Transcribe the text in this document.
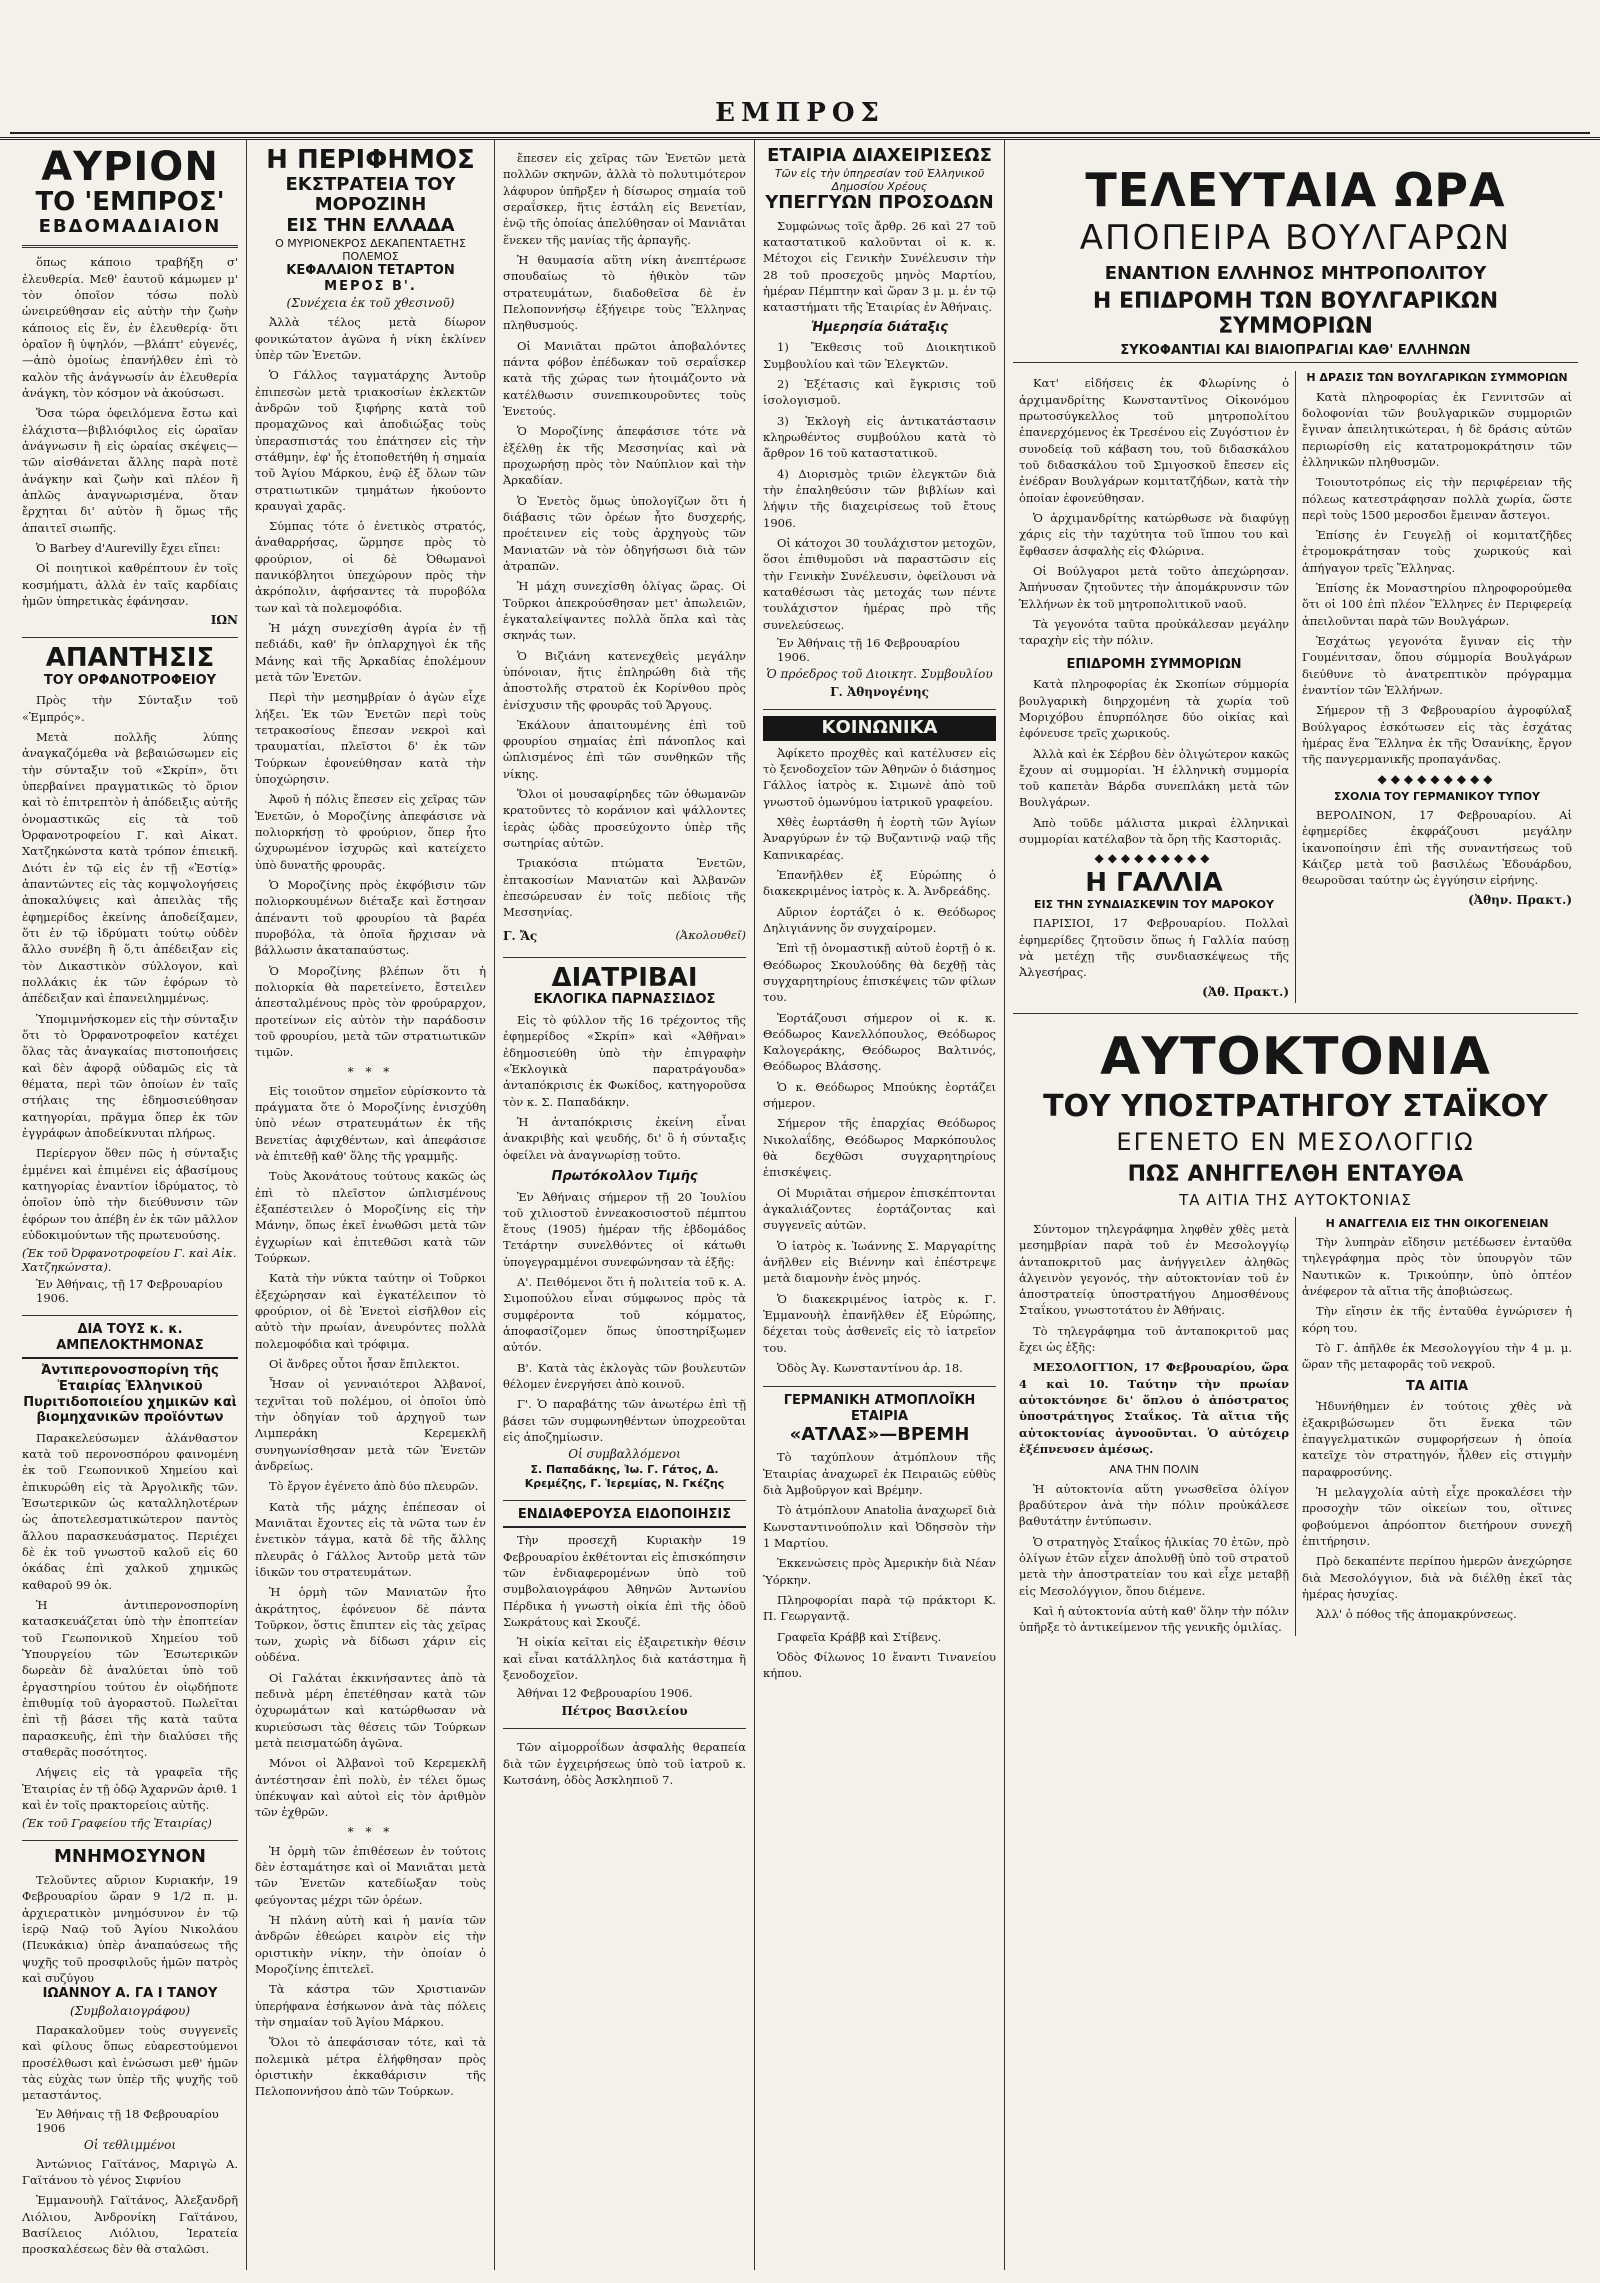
ΕΜΠΡΟΣ
ΑΥΡΙΟΝ
ΤΟ 'ΕΜΠΡΟΣ'
ΕΒΔΟΜΑΔΙΑΙΟΝ

ὅπως κάποιο τραβήξη σ' ἐλευθερία. Μεθ' ἑαυτοῦ κάμωμεν μ' τὸν ὁποῖον τόσω πολὺ ὡνειρεύθησαν εἰς αὐτὴν τὴν ζωὴν κάποιος εἰς ἕν, ἐν ἐλευθερίᾳ· ὅτι ὁραῖον ἢ ὑψηλόν, —βλάπτ' εὐγενές,—ἀπὸ ὁμοίως ἐπανήλθεν ἐπὶ τὸ καλὸν τῆς ἀνάγνωσίν ἀν ἐλευθερία ἀνάγκη, τὸν κόσμον νὰ ἀκούσωσι.

Ὅσα τώρα ὀφειλόμενα ἔστω καὶ ἐλάχιστα—βιβλιόφιλος εἰς ὡραῖαν ἀνάγνωσιν ἢ εἰς ὡραίας σκέψεις—τῶν αἰσθάνεται ἄλλης παρὰ ποτὲ ἀνάγκην καὶ ζωὴν καὶ πλέον ἢ ἁπλῶς ἀναγνωρισμένα, ὅταν ἔρχηται δι' αὐτὸν ἢ ὅμως τῆς ἀπαιτεῖ σιωπῆς.

Ὁ Barbey d'Aurevilly ἔχει εἴπει:

Οἱ ποιητικοὶ καθρέπτουν ἐν τοῖς κοσμήματι, ἀλλὰ ἐν ταῖς καρδίαις ἡμῶν ὑπηρετικὰς ἐφάνησαν.

ΙΩΝ
ΑΠΑΝΤΗΣΙΣ
ΤΟΥ ΟΡΦΑΝΟΤΡΟΦΕΙΟΥ

Πρὸς τὴν Σύνταξιν τοῦ «Ἐμπρός».

Μετὰ πολλῆς λύπης ἀναγκαζόμεθα νὰ βεβαιώσωμεν εἰς τὴν σύνταξιν τοῦ «Σκρίπ», ὅτι ὑπερβαίνει πραγματικῶς τὸ ὅριον καὶ τὸ ἐπιτρεπτὸν ἡ ἀπόδειξις αὐτῆς ὀνομαστικῶς εἰς τὰ τοῦ Ὀρφανοτροφείου Γ. καὶ Αἰκατ. Χατζηκώνστα κατὰ τρόπον ἐπιεικῆ. Διότι ἐν τῷ εἰς ἐν τῇ «Ἑστίᾳ» ἀπαντώντες εἰς τὰς κομψολογήσεις ἀποκαλύψεις καὶ ἀπειλὰς τῆς ἐφημερίδος ἐκείνης ἀποδείξαμεν, ὅτι ἐν τῷ ἱδρύματι τούτῳ οὐδὲν ἄλλο συνέβη ἢ ὅ,τι ἀπέδειξαν εἰς τὸν Δικαστικὸν σύλλογον, καὶ πολλάκις ἐκ τῶν ἐφόρων τὸ ἀπέδειξαν καὶ ἐπανειλημμένως.

Ὑπομιμνήσκομεν εἰς τὴν σύνταξιν ὅτι τὸ Ὀρφανοτροφεῖον κατέχει ὅλας τὰς ἀναγκαίας πιστοποιήσεις καὶ δὲν ἀφορᾷ οὐδαμῶς εἰς τὰ θέματα, περὶ τῶν ὁποίων ἐν ταῖς στήλαις της ἐδημοσιεύθησαν κατηγορίαι, πρᾶγμα ὅπερ ἐκ τῶν ἐγγράφων ἀποδείκνυται πλήρως.

Περίεργον ὅθεν πῶς ἡ σύνταξις ἐμμένει καὶ ἐπιμένει εἰς ἀβασίμους κατηγορίας ἐναντίον ἱδρύματος, τὸ ὁποῖον ὑπὸ τὴν διεύθυνσιν τῶν ἐφόρων του ἀπέβη ἐν ἐκ τῶν μᾶλλον εὐδοκιμούντων τῆς πρωτευούσης.

(Ἐκ τοῦ Ὀρφανοτροφείου Γ. καὶ Αἰκ. Χατζηκώνστα).
Ἐν Ἀθήναις, τῇ 17 Φεβρουαρίου 1906.
ΔΙΑ ΤΟΥΣ κ. κ. ΑΜΠΕΛΟΚΤΗΜΟΝΑΣ
Ἀντιπερονοσπορίνη τῆς Ἑταιρίας Ἑλληνικοῦ Πυριτιδοποιείου χημικῶν καὶ βιομηχανικῶν προϊόντων

Παρακελεύσωμεν ἀλάνθαστον κατὰ τοῦ περονοσπόρου φαινομένη ἐκ τοῦ Γεωπονικοῦ Χημείου καὶ ἐπικυρώθη εἰς τὰ Ἀργολικῆς τῶν. Ἐσωτερικῶν ὡς καταλληλοτέρων ὡς ἀποτελεσματικώτερον παντὸς ἄλλου παρασκευάσματος. Περιέχει δὲ ἐκ τοῦ γνωστοῦ καλοῦ εἰς 60 ὀκάδας ἐπὶ χαλκοῦ χημικῶς καθαροῦ 99 ὀκ.

Ἡ ἀντιπερονοσπορίνη κατασκευάζεται ὑπὸ τὴν ἐποπτείαν τοῦ Γεωπονικοῦ Χημείου τοῦ Ὑπουργείου τῶν Ἐσωτερικῶν δωρεὰν δὲ ἀναλύεται ὑπὸ τοῦ ἐργαστηρίου τούτου ἐν οἱῳδήποτε ἐπιθυμίᾳ τοῦ ἀγοραστοῦ. Πωλεῖται ἐπὶ τῇ βάσει τῆς κατὰ ταῦτα παρασκευῆς, ἐπὶ τὴν διαλύσει τῆς σταθερᾶς ποσότητος.

Λήψεις εἰς τὰ γραφεῖα τῆς Ἑταιρίας ἐν τῇ ὁδῷ Ἀχαρνῶν ἀριθ. 1 καὶ ἐν τοῖς πρακτορείοις αὐτῆς.

(Ἐκ τοῦ Γραφείου τῆς Ἑταιρίας)
ΜΝΗΜΟΣΥΝΟΝ

Τελοῦντες αὔριον Κυριακήν, 19 Φεβρουαρίου ὥραν 9 1/2 π. μ. ἀρχιερατικὸν μνημόσυνον ἐν τῷ ἱερῷ Ναῷ τοῦ Ἁγίου Νικολάου (Πευκάκια) ὑπὲρ ἀναπαύσεως τῆς ψυχῆς τοῦ προσφιλοῦς ἡμῶν πατρὸς καὶ συζύγου

ΙΩΑΝΝΟΥ Α. ΓΑ Ι ΤΑΝΟΥ
(Συμβολαιογράφου)

Παρακαλοῦμεν τοὺς συγγενεῖς καὶ φίλους ὅπως εὐαρεστούμενοι προσέλθωσι καὶ ἑνώσωσι μεθ' ἡμῶν τὰς εὐχὰς των ὑπὲρ τῆς ψυχῆς τοῦ μεταστάντος.

Ἐν Ἀθήναις τῇ 18 Φεβρουαρίου 1906
Οἱ τεθλιμμένοι

Ἀντώνιος Γαϊτάνος, Μαριγὼ Α. Γαϊτάνου τὸ γένος Σιφνίου

Ἐμμανουὴλ Γαϊτάνος, Ἀλεξανδρῆ Λιόλιου, Ἀνδρονίκη Γαϊτάνου, Βασίλειος Λιόλιου, Ἱερατεία προσκαλέσεως δὲν θὰ σταλῶσι.

Η ΠΕΡΙΦΗΜΟΣ
ΕΚΣΤΡΑΤΕΙΑ ΤΟΥ ΜΟΡΟΖΙΝΗ
ΕΙΣ ΤΗΝ ΕΛΛΑΔΑ
Ο ΜΥΡΙΟΝΕΚΡΟΣ ΔΕΚΑΠΕΝΤΑΕΤΗΣ ΠΟΛΕΜΟΣ
ΚΕΦΑΛΑΙΟΝ ΤΕΤΑΡΤΟΝ
ΜΕΡΟΣ Β'.
(Συνέχεια ἐκ τοῦ χθεσινοῦ)

Ἀλλὰ τέλος μετὰ δίωρον φονικώτατον ἀγῶνα ἡ νίκη ἐκλίνεν ὑπὲρ τῶν Ἑνετῶν.

Ὁ Γάλλος ταγματάρχης Ἀντοῦρ ἐπιπεσὼν μετὰ τριακοσίων ἐκλεκτῶν ἀνδρῶν τοῦ ξιφήρης κατὰ τοῦ προμαχῶνος καὶ ἀποδιώξας τοὺς ὑπερασπιστάς του ἐπάτησεν εἰς τὴν στάθμην, ἐφ' ἧς ἐτοποθετήθη ἡ σημαία τοῦ Ἁγίου Μάρκου, ἐνῷ ἐξ ὅλων τῶν στρατιωτικῶν τμημάτων ἠκούοντο κραυγαὶ χαρᾶς.

Σύμπας τότε ὁ ἑνετικὸς στρατός, ἀναθαρρήσας, ὥρμησε πρὸς τὸ φρούριον, οἱ δὲ Ὀθωμανοὶ πανικόβλητοι ὑπεχώρουν πρὸς τὴν ἀκρόπολιν, ἀφήσαντες τὰ πυροβόλα των καὶ τὰ πολεμοφόδια.

Ἡ μάχη συνεχίσθη ἀγρία ἐν τῇ πεδιάδι, καθ' ἣν ὁπλαρχηγοὶ ἐκ τῆς Μάνης καὶ τῆς Ἀρκαδίας ἐπολέμουν μετὰ τῶν Ἑνετῶν.

Περὶ τὴν μεσημβρίαν ὁ ἀγὼν εἶχε λήξει. Ἐκ τῶν Ἑνετῶν περὶ τοὺς τετρακοσίους ἔπεσαν νεκροὶ καὶ τραυματίαι, πλεῖστοι δ' ἐκ τῶν Τούρκων ἐφονεύθησαν κατὰ τὴν ὑποχώρησιν.

Ἀφοῦ ἡ πόλις ἔπεσεν εἰς χεῖρας τῶν Ἑνετῶν, ὁ Μοροζίνης ἀπεφάσισε νὰ πολιορκήσῃ τὸ φρούριον, ὅπερ ἦτο ὠχυρωμένον ἰσχυρῶς καὶ κατείχετο ὑπὸ δυνατῆς φρουρᾶς.

Ὁ Μοροζίνης πρὸς ἐκφόβισιν τῶν πολιορκουμένων διέταξε καὶ ἔστησαν ἀπέναντι τοῦ φρουρίου τὰ βαρέα πυροβόλα, τὰ ὁποῖα ἤρχισαν νὰ βάλλωσιν ἀκαταπαύστως.

Ὁ Μοροζίνης βλέπων ὅτι ἡ πολιορκία θὰ παρετείνετο, ἔστειλεν ἀπεσταλμένους πρὸς τὸν φρούραρχον, προτείνων εἰς αὐτὸν τὴν παράδοσιν τοῦ φρουρίου, μετὰ τῶν στρατιωτικῶν τιμῶν.

* * *

Εἰς τοιοῦτον σημεῖον εὑρίσκοντο τὰ πράγματα ὅτε ὁ Μοροζίνης ἐνισχύθη ὑπὸ νέων στρατευμάτων ἐκ τῆς Βενετίας ἀφιχθέντων, καὶ ἀπεφάσισε νὰ ἐπιτεθῇ καθ' ὅλης τῆς γραμμῆς.

Τοὺς Ἀκονάτους τούτους κακῶς ὡς ἐπὶ τὸ πλεῖστον ὠπλισμένους ἐξαπέστειλεν ὁ Μοροζίνης εἰς τὴν Μάνην, ὅπως ἐκεῖ ἑνωθῶσι μετὰ τῶν ἐγχωρίων καὶ ἐπιτεθῶσι κατὰ τῶν Τούρκων.

Κατὰ τὴν νύκτα ταύτην οἱ Τοῦρκοι ἐξεχώρησαν καὶ ἐγκατέλειπον τὸ φρούριον, οἱ δὲ Ἑνετοὶ εἰσῆλθον εἰς αὐτὸ τὴν πρωίαν, ἀνευρόντες πολλὰ πολεμοφόδια καὶ τρόφιμα.

Οἱ ἄνδρες οὗτοι ἦσαν ἔπιλεκτοι.

Ἦσαν οἱ γενναιότεροι Ἀλβανοί, τεχνῖται τοῦ πολέμου, οἱ ὁποῖοι ὑπὸ τὴν ὁδηγίαν τοῦ ἀρχηγοῦ των Λιμπεράκη Κερεμεκλῆ συνηγωνίσθησαν μετὰ τῶν Ἑνετῶν ἀνδρείως.

Τὸ ἔργον ἐγένετο ἀπὸ δύο πλευρῶν.

Κατὰ τῆς μάχης ἐπέπεσαν οἱ Μανιᾶται ἔχοντες εἰς τὰ νῶτα των ἐν ἑνετικὸν τάγμα, κατὰ δὲ τῆς ἄλλης πλευρᾶς ὁ Γάλλος Ἀντοῦρ μετὰ τῶν ἰδικῶν του στρατευμάτων.

Ἡ ὁρμὴ τῶν Μανιατῶν ἦτο ἀκράτητος, ἐφόνευον δὲ πάντα Τοῦρκον, ὅστις ἔπιπτεν εἰς τὰς χεῖρας των, χωρὶς νὰ δίδωσι χάριν εἰς οὐδένα.

Οἱ Γαλάται ἐκκινήσαντες ἀπὸ τὰ πεδινὰ μέρη ἐπετέθησαν κατὰ τῶν ὀχυρωμάτων καὶ κατώρθωσαν νὰ κυριεύσωσι τὰς θέσεις τῶν Τούρκων μετὰ πεισματώδη ἀγῶνα.

Μόνοι οἱ Ἀλβανοὶ τοῦ Κερεμεκλῆ ἀντέστησαν ἐπὶ πολὺ, ἐν τέλει ὅμως ὑπέκυψαν καὶ αὐτοὶ εἰς τὸν ἀριθμὸν τῶν ἐχθρῶν.

* * *

Ἡ ὁρμὴ τῶν ἐπιθέσεων ἐν τούτοις δὲν ἐσταμάτησε καὶ οἱ Μανιᾶται μετὰ τῶν Ἑνετῶν κατεδίωξαν τοὺς φεύγοντας μέχρι τῶν ὀρέων.

Ἡ πλάνη αὐτὴ καὶ ἡ μανία τῶν ἀνδρῶν ἐθεώρει καιρὸν εἰς τὴν οριστικὴν νίκην, τὴν ὁποίαν ὁ Μοροζίνης ἐπιτελεῖ.

Τὰ κάστρα τῶν Χριστιανῶν ὑπερήφανα ἐσήκωνον ἀνὰ τὰς πόλεις τὴν σημαίαν τοῦ Ἁγίου Μάρκου.

Ὅλοι τὸ ἀπεφάσισαν τότε, καὶ τὰ πολεμικὰ μέτρα ἐλήφθησαν πρὸς ὁριστικὴν ἐκκαθάρισιν τῆς Πελοποννήσου ἀπὸ τῶν Τούρκων.

ἔπεσεν εἰς χεῖρας τῶν Ἑνετῶν μετὰ πολλῶν σκηνῶν, ἀλλὰ τὸ πολυτιμότερον λάφυρον ὑπῆρξεν ἡ δίσωρος σημαία τοῦ σεραΐσκερ, ἥτις ἐστάλη εἰς Βενετίαν, ἐνῷ τῆς ὁποίας ἀπελύθησαν οἱ Μανιᾶται ἕνεκεν τῆς μανίας τῆς ἁρπαγῆς.

Ἡ θαυμασία αὕτη νίκη ἀνεπτέρωσε σπουδαίως τὸ ἠθικὸν τῶν στρατευμάτων, διαδοθεῖσα δὲ ἐν Πελοποννήσῳ ἐξήγειρε τοὺς Ἕλληνας πληθυσμούς.

Οἱ Μανιᾶται πρῶτοι ἀποβαλόντες πάντα φόβον ἐπέδωκαν τοῦ σεραΐσκερ κατὰ τῆς χώρας των ἡτοιμάζοντο νὰ κατέλθωσιν συνεπικουροῦντες τοὺς Ἑνετούς.

Ὁ Μοροζίνης ἀπεφάσισε τότε νὰ ἐξέλθῃ ἐκ τῆς Μεσσηνίας καὶ νὰ προχωρήσῃ πρὸς τὸν Ναύπλιον καὶ τὴν Ἀρκαδίαν.

Ὁ Ἑνετὸς ὅμως ὑπολογίζων ὅτι ἡ διάβασις τῶν ὀρέων ἦτο δυσχερής, προέτεινεν εἰς τοὺς ἀρχηγοὺς τῶν Μανιατῶν νὰ τὸν ὁδηγήσωσι διὰ τῶν ἀτραπῶν.

Ἡ μάχη συνεχίσθη ὀλίγας ὥρας. Οἱ Τοῦρκοι ἀπεκρούσθησαν μετ' ἀπωλειῶν, ἐγκαταλείψαντες πολλὰ ὅπλα καὶ τὰς σκηνάς των.

Ὁ Βιζιάνη κατενεχθεὶς μεγάλην ὑπόνοιαν, ἥτις ἐπληρώθη διὰ τῆς ἀποστολῆς στρατοῦ ἐκ Κορίνθου πρὸς ἐνίσχυσιν τῆς φρουρᾶς τοῦ Ἄργους.

Ἐκάλουν ἀπαιτουμένης ἐπὶ τοῦ φρουρίου σημαίας ἐπὶ πάνοπλος καὶ ὡπλισμένος ἐπὶ τῶν συνθηκῶν τῆς νίκης.

Ὅλοι οἱ μουσαφίρηδες τῶν ὀθωμανῶν κρατοῦντες τὸ κοράνιον καὶ ψάλλοντες ἱερὰς ᾠδὰς προσεύχοντο ὑπὲρ τῆς σωτηρίας αὐτῶν.

Τριακόσια πτώματα Ἑνετῶν, ἐπτακοσίων Μανιατῶν καὶ Ἀλβανῶν ἐπεσώρευσαν ἐν τοῖς πεδίοις τῆς Μεσσηνίας.

Γ. Ἄς	(Ἀκολουθεῖ)
ΔΙΑΤΡΙΒΑΙ
ΕΚΛΟΓΙΚΑ ΠΑΡΝΑΣΣΙΔΟΣ

Εἰς τὸ φύλλον τῆς 16 τρέχοντος τῆς ἐφημερίδος «Σκρίπ» καὶ «Ἀθῆναι» ἐδημοσιεύθη ὑπὸ τὴν ἐπιγραφὴν «Ἐκλογικὰ παρατράγουδα» ἀνταπόκρισις ἐκ Φωκίδος, κατηγοροῦσα τὸν κ. Σ. Παπαδάκην.

Ἡ ἀνταπόκρισις ἐκείνη εἶναι ἀνακριβὴς καὶ ψευδής, δι' ὃ ἡ σύνταξις ὀφείλει νὰ ἀναγνωρίσῃ τοῦτο.

Πρωτόκολλον Τιμῆς

Ἐν Ἀθήναις σήμερον τῇ 20 Ἰουλίου τοῦ χιλιοστοῦ ἐννεακοσιοστοῦ πέμπτου ἔτους (1905) ἡμέραν τῆς ἑβδομάδος Τετάρτην συνελθόντες οἱ κάτωθι ὑπογεγραμμένοι συνεφώνησαν τὰ ἑξῆς:

Α'. Πειθόμενοι ὅτι ἡ πολιτεία τοῦ κ. Α. Σιμοπούλου εἶναι σύμφωνος πρὸς τὰ συμφέροντα τοῦ κόμματος, ἀποφασίζομεν ὅπως ὑποστηρίξωμεν αὐτόν.

Β'. Κατὰ τὰς ἐκλογὰς τῶν βουλευτῶν θέλομεν ἐνεργήσει ἀπὸ κοινοῦ.

Γ'. Ὁ παραβάτης τῶν ἀνωτέρω ἐπὶ τῇ βάσει τῶν συμφωνηθέντων ὑποχρεοῦται εἰς ἀποζημίωσιν.

Οἱ συμβαλλόμενοι
Σ. Παπαδάκης, Ἰω. Γ. Γάτος, Δ. Κρεμέζης, Γ. Ἱερεμίας, Ν. Γκέζης
ΕΝΔΙΑΦΕΡΟΥΣΑ ΕΙΔΟΠΟΙΗΣΙΣ

Τὴν προσεχῆ Κυριακὴν 19 Φεβρουαρίου ἐκθέτονται εἰς ἐπισκόπησιν τῶν ἐνδιαφερομένων ὑπὸ τοῦ συμβολαιογράφου Ἀθηνῶν Ἀντωνίου Πέρδικα ἡ γνωστὴ οἰκία ἐπὶ τῆς ὁδοῦ Σωκράτους καὶ Σκουζέ.

Ἡ οἰκία κεῖται εἰς ἐξαιρετικὴν θέσιν καὶ εἶναι κατάλληλος διὰ κατάστημα ἢ ξενοδοχεῖον.

Ἀθήναι 12 Φεβρουαρίου 1906.
Πέτρος Βασιλείου

Τῶν αἱμορροΐδων ἀσφαλὴς θεραπεία διὰ τῶν ἐγχειρήσεως ὑπὸ τοῦ ἰατροῦ κ. Κωτσάνη, ὁδὸς Ἀσκληπιοῦ 7.

ΕΤΑΙΡΙΑ ΔΙΑΧΕΙΡΙΣΕΩΣ
Τῶν εἰς τὴν ὑπηρεσίαν τοῦ Ἑλληνικοῦ Δημοσίου Χρέους
ΥΠΕΓΓΥΩΝ ΠΡΟΣΟΔΩΝ

Συμφώνως τοῖς ἄρθρ. 26 καὶ 27 τοῦ καταστατικοῦ καλοῦνται οἱ κ. κ. Μέτοχοι εἰς Γενικὴν Συνέλευσιν τὴν 28 τοῦ προσεχοῦς μηνὸς Μαρτίου, ἡμέραν Πέμπτην καὶ ὥραν 3 μ. μ. ἐν τῷ καταστήματι τῆς Ἑταιρίας ἐν Ἀθήναις.

Ἡμερησία διάταξις

1) Ἔκθεσις τοῦ Διοικητικοῦ Συμβουλίου καὶ τῶν Ἐλεγκτῶν.

2) Ἐξέτασις καὶ ἔγκρισις τοῦ ἰσολογισμοῦ.

3) Ἐκλογὴ εἰς ἀντικατάστασιν κληρωθέντος συμβούλου κατὰ τὸ ἄρθρον 16 τοῦ καταστατικοῦ.

4) Διορισμὸς τριῶν ἐλεγκτῶν διὰ τὴν ἐπαληθεύσιν τῶν βιβλίων καὶ λήψιν τῆς διαχειρίσεως τοῦ ἔτους 1906.

Οἱ κάτοχοι 30 τουλάχιστον μετοχῶν, ὅσοι ἐπιθυμοῦσι νὰ παραστῶσιν εἰς τὴν Γενικὴν Συνέλευσιν, ὀφείλουσι νὰ καταθέσωσι τὰς μετοχάς των πέντε τουλάχιστον ἡμέρας πρὸ τῆς συνελεύσεως.

Ἐν Ἀθήναις τῇ 16 Φεβρουαρίου 1906.
Ὁ πρόεδρος τοῦ Διοικητ. Συμβουλίου
Γ. Ἀθηνογένης
ΚΟΙΝΩΝΙΚΑ

Ἀφίκετο προχθὲς καὶ κατέλυσεν εἰς τὸ ξενοδοχεῖον τῶν Ἀθηνῶν ὁ διάσημος Γάλλος ἰατρὸς κ. Σιμωνὲ ἀπὸ τοῦ γνωστοῦ ὁμωνύμου ἰατρικοῦ γραφείου.

Χθὲς ἐωρτάσθη ἡ ἑορτὴ τῶν Ἁγίων Ἀναργύρων ἐν τῷ Βυζαντινῷ ναῷ τῆς Καπνικαρέας.

Ἐπανῆλθεν ἐξ Εὐρώπης ὁ διακεκριμένος ἰατρὸς κ. Ἀ. Ἀνδρεάδης.

Αὔριον ἑορτάζει ὁ κ. Θεόδωρος Δηλιγιάννης ὅν συγχαίρομεν.

Ἐπὶ τῇ ὀνομαστικῇ αὐτοῦ ἑορτῇ ὁ κ. Θεόδωρος Σκουλούδης θὰ δεχθῇ τὰς συγχαρητηρίους ἐπισκέψεις τῶν φίλων του.

Ἑορτάζουσι σήμερον οἱ κ. κ. Θεόδωρος Κανελλόπουλος, Θεόδωρος Καλογεράκης, Θεόδωρος Βαλτινός, Θεόδωρος Βλάσσης.

Ὁ κ. Θεόδωρος Μπούκης ἑορτάζει σήμερον.

Σήμερον τῆς ἐπαρχίας Θεόδωρος Νικολαΐδης, Θεόδωρος Μαρκόπουλος θὰ δεχθῶσι συγχαρητηρίους ἐπισκέψεις.

Οἱ Μυριᾶται σήμερον ἐπισκέπτονται ἀγκαλιάζοντες ἑορτάζοντας καὶ συγγενεῖς αὐτῶν.

Ὁ ἰατρὸς κ. Ἰωάννης Σ. Μαργαρίτης ἀνῆλθεν εἰς Βιέννην καὶ ἐπέστρεψε μετὰ διαμονὴν ἑνὸς μηνός.

Ὁ διακεκριμένος ἰατρὸς κ. Γ. Ἐμμανουὴλ ἐπανῆλθεν ἐξ Εὐρώπης, δέχεται τοὺς ἀσθενεῖς εἰς τὸ ἰατρεῖον του.

Ὁδὸς Ἀγ. Κωνσταντίνου ἀρ. 18.

ΓΕΡΜΑΝΙΚΗ ΑΤΜΟΠΛΟΪΚΗ ΕΤΑΙΡΙΑ
«ΑΤΛΑΣ»—ΒΡΕΜΗ

Τὸ ταχύπλουν ἀτμόπλουν τῆς Ἑταιρίας ἀναχωρεῖ ἐκ Πειραιῶς εὐθὺς διὰ Ἀμβοῦργον καὶ Βρέμην.

Τὸ ἀτμόπλουν Anatolia ἀναχωρεῖ διὰ Κωνσταντινούπολιν καὶ Ὀδησσὸν τὴν 1 Μαρτίου.

Ἐκκενώσεις πρὸς Ἀμερικὴν διὰ Νέαν Ὑόρκην.

Πληροφορίαι παρὰ τῷ πράκτορι Κ. Π. Γεωργαντᾷ.

Γραφεῖα Κράββ καὶ Στίβενς.

Ὁδὸς Φίλωνος 10 ἔναντι Τινανείου κήπου.

ΤΕΛΕΥΤΑΙΑ ΩΡΑ
ΑΠΟΠΕΙΡΑ ΒΟΥΛΓΑΡΩΝ
ΕΝΑΝΤΙΟΝ ΕΛΛΗΝΟΣ ΜΗΤΡΟΠΟΛΙΤΟΥ
Η ΕΠΙΔΡΟΜΗ ΤΩΝ ΒΟΥΛΓΑΡΙΚΩΝ ΣΥΜΜΟΡΙΩΝ
ΣΥΚΟΦΑΝΤΙΑΙ ΚΑΙ ΒΙΑΙΟΠΡΑΓΙΑΙ ΚΑΘ' ΕΛΛΗΝΩΝ

Κατ' εἰδήσεις ἐκ Φλωρίνης ὁ ἀρχιμανδρίτης Κωνσταντῖνος Οἰκονόμου πρωτοσύγκελλος τοῦ μητροπολίτου ἐπανερχόμενος ἐκ Τρεσένου εἰς Ζυγόστιον ἐν συνοδείᾳ τοῦ κάβαση του, τοῦ διδασκάλου τοῦ διδασκάλου τοῦ Σμιγοσκοῦ ἔπεσεν εἰς ἐνέδραν Βουλγάρων κομιτατζήδων, κατὰ τὴν ὁποίαν ἐφονεύθησαν.

Ὁ ἀρχιμανδρίτης κατώρθωσε νὰ διαφύγῃ χάρις εἰς τὴν ταχύτητα τοῦ ἵππου του καὶ ἔφθασεν ἀσφαλὴς εἰς Φλώρινα.

Οἱ Βούλγαροι μετὰ τοῦτο ἀπεχώρησαν. Ἀπήνυσαν ζητοῦντες τὴν ἀπομάκρυνσιν τῶν Ἑλλήνων ἐκ τοῦ μητροπολιτικοῦ ναοῦ.

Τὰ γεγονότα ταῦτα προὐκάλεσαν μεγάλην ταραχὴν εἰς τὴν πόλιν.

ΕΠΙΔΡΟΜΗ ΣΥΜΜΟΡΙΩΝ

Κατὰ πληροφορίας ἐκ Σκοπίων σύμμορία βουλγαρικὴ διηρχομένη τὰ χωρία τοῦ Μοριχόβου ἐπυρπόλησε δύο οἰκίας καὶ ἐφόνευσε τρεῖς χωρικούς.

Ἀλλὰ καὶ ἐκ Σέρβου δὲν ὀλιγώτερον κακῶς ἔχουν αἱ συμμορίαι. Ἡ ἑλληνικὴ συμμορία τοῦ καπετὰν Βάρδα συνεπλάκη μετὰ τῶν Βουλγάρων.

Ἀπὸ τοῦδε μάλιστα μικραὶ ἑλληνικαὶ συμμορίαι κατέλαβον τὰ ὄρη τῆς Καστοριᾶς.

◆◆◆◆◆◆◆◆◆
Η ΓΑΛΛΙΑ
ΕΙΣ ΤΗΝ ΣΥΝΔΙΑΣΚΕΨΙΝ ΤΟΥ ΜΑΡΟΚΟΥ

ΠΑΡΙΣΙΟΙ, 17 Φεβρουαρίου. Πολλαὶ ἐφημερίδες ζητοῦσιν ὅπως ἡ Γαλλία παύσῃ νὰ μετέχῃ τῆς συνδιασκέψεως τῆς Ἀλγεσήρας.

(Ἀθ. Πρακτ.)
Η ΔΡΑΣΙΣ ΤΩΝ ΒΟΥΛΓΑΡΙΚΩΝ ΣΥΜΜΟΡΙΩΝ

Κατὰ πληροφορίας ἐκ Γεννιτσῶν αἱ δολοφονίαι τῶν βουλγαρικῶν συμμοριῶν ἔγιναν ἀπειλητικώτεραι, ἡ δὲ δράσις αὐτῶν περιωρίσθη εἰς κατατρομοκράτησιν τῶν ἑλληνικῶν πληθυσμῶν.

Τοιουτοτρόπως εἰς τὴν περιφέρειαν τῆς πόλεως κατεστράφησαν πολλὰ χωρία, ὥστε περὶ τοὺς 1500 μεροσδοι ἔμειναν ἄστεγοι.

Ἐπίσης ἐν Γευγελῇ οἱ κομιτατζῆδες ἐτρομοκράτησαν τοὺς χωρικούς καὶ ἀπήγαγον τρεῖς Ἕλληνας.

Ἐπίσης ἐκ Μοναστηρίου πληροφορούμεθα ὅτι οἱ 100 ἐπὶ πλέον Ἕλληνες ἐν Περιφερείᾳ ἀπειλοῦνται παρὰ τῶν Βουλγάρων.

Ἐσχάτως γεγονότα ἔγιναν εἰς τὴν Γουμένιτσαν, ὅπου σύμμορία Βουλγάρων διεύθυνε τὸ ἀνατρεπτικὸν πρόγραμμα ἐναντίον τῶν Ἑλλήνων.

Σήμερον τῇ 3 Φεβρουαρίου ἀγροφύλαξ Βούλγαρος ἐσκότωσεν εἰς τὰς ἐσχάτας ἡμέρας ἕνα Ἕλληνα ἐκ τῆς Ὀσανίκης, ἔργον τῆς πανγερμανικῆς προπαγάνδας.

◆◆◆◆◆◆◆◆◆
ΣΧΟΛΙΑ ΤΟΥ ΓΕΡΜΑΝΙΚΟΥ ΤΥΠΟΥ

ΒΕΡΟΛΙΝΟΝ, 17 Φεβρουαρίου. Αἱ ἐφημερίδες ἐκφράζουσι μεγάλην ἱκανοποίησιν ἐπὶ τῆς συναντήσεως τοῦ Κάιζερ μετὰ τοῦ βασιλέως Ἐδουάρδου, θεωροῦσαι ταύτην ὡς ἐγγύησιν εἰρήνης.

(Ἀθην. Πρακτ.)
ΑΥΤΟΚΤΟΝΙΑ
ΤΟΥ ΥΠΟΣΤΡΑΤΗΓΟΥ ΣΤΑΪΚΟΥ
ΕΓΕΝΕΤΟ ΕΝ ΜΕΣΟΛΟΓΓΙΩ
ΠΩΣ ΑΝΗΓΓΕΛΘΗ ΕΝΤΑΥΘΑ
ΤΑ ΑΙΤΙΑ ΤΗΣ ΑΥΤΟΚΤΟΝΙΑΣ

Σύντομον τηλεγράφημα ληφθὲν χθὲς μετὰ μεσημβρίαν παρὰ τοῦ ἐν Μεσολογγίῳ ἀνταποκριτοῦ μας ἀνήγγειλεν ἀληθῶς ἀλγεινὸν γεγονός, τὴν αὐτοκτονίαν τοῦ ἐν ἀποστρατείᾳ ὑποστρατήγου Δημοσθένους Σταΐκου, γνωστοτάτου ἐν Ἀθήναις.

Τὸ τηλεγράφημα τοῦ ἀνταποκριτοῦ μας ἔχει ὡς ἑξῆς:

ΜΕΣΟΛΟΓΓΙΟΝ, 17 Φεβρουαρίου, ὥρα 4 καὶ 10. Ταύτην τὴν πρωίαν αὐτοκτόνησε δι' ὅπλου ὁ ἀπόστρατος ὑποστράτηγος Σταΐκος. Τὰ αἴτια τῆς αὐτοκτονίας ἀγνοοῦνται. Ὁ αὐτόχειρ ἐξέπνευσεν ἀμέσως.

ΑΝΑ ΤΗΝ ΠΟΛΙΝ

Ἡ αὐτοκτονία αὕτη γνωσθεῖσα ὀλίγον βραδύτερον ἀνὰ τὴν πόλιν προὐκάλεσε βαθυτάτην ἐντύπωσιν.

Ὁ στρατηγὸς Σταΐκος ἡλικίας 70 ἐτῶν, πρὸ ὀλίγων ἐτῶν εἶχεν ἀπολυθῇ ὑπὸ τοῦ στρατοῦ μετὰ τὴν ἀποστρατείαν του καὶ εἶχε μεταβῇ εἰς Μεσολόγγιον, ὅπου διέμενε.

Καὶ ἡ αὐτοκτονία αὐτὴ καθ' ὅλην τὴν πόλιν ὑπῆρξε τὸ ἀντικείμενον τῆς γενικῆς ὁμιλίας.

Η ΑΝΑΓΓΕΛΙΑ ΕΙΣ ΤΗΝ ΟΙΚΟΓΕΝΕΙΑΝ

Τὴν λυπηρὰν εἴδησιν μετέδωσεν ἐνταῦθα τηλεγράφημα πρὸς τὸν ὑπουργὸν τῶν Ναυτικῶν κ. Τρικούπην, ὑπὸ ὀπτέον ἀνέφερον τὰ αἴτια τῆς ἀποβιώσεως.

Τὴν εἴησιν ἐκ τῆς ἐνταῦθα ἐγνώρισεν ἡ κόρη του.

Τὸ Γ. ἀπῆλθε ἐκ Μεσολογγίου τὴν 4 μ. μ. ὥραν τῆς μεταφορᾶς τοῦ νεκροῦ.

ΤΑ ΑΙΤΙΑ

Ἠδυνήθημεν ἐν τούτοις χθὲς νὰ ἐξακριβώσωμεν ὅτι ἕνεκα τῶν ἐπαγγελματικῶν συμφορήσεων ἡ ὁποία κατεῖχε τὸν στρατηγόν, ἦλθεν εἰς στιγμὴν παραφροσύνης.

Ἡ μελαγχολία αὐτὴ εἶχε προκαλέσει τὴν προσοχὴν τῶν οἰκείων του, οἵτινες φοβούμενοι ἀπρόοπτον διετήρουν συνεχῆ ἐπιτήρησιν.

Πρὸ δεκαπέντε περίπου ἡμερῶν ἀνεχώρησε διὰ Μεσολόγγιον, διὰ νὰ διέλθῃ ἐκεῖ τὰς ἡμέρας ἡσυχίας.

Ἀλλ' ὁ πόθος τῆς ἀπομακρύνσεως.
